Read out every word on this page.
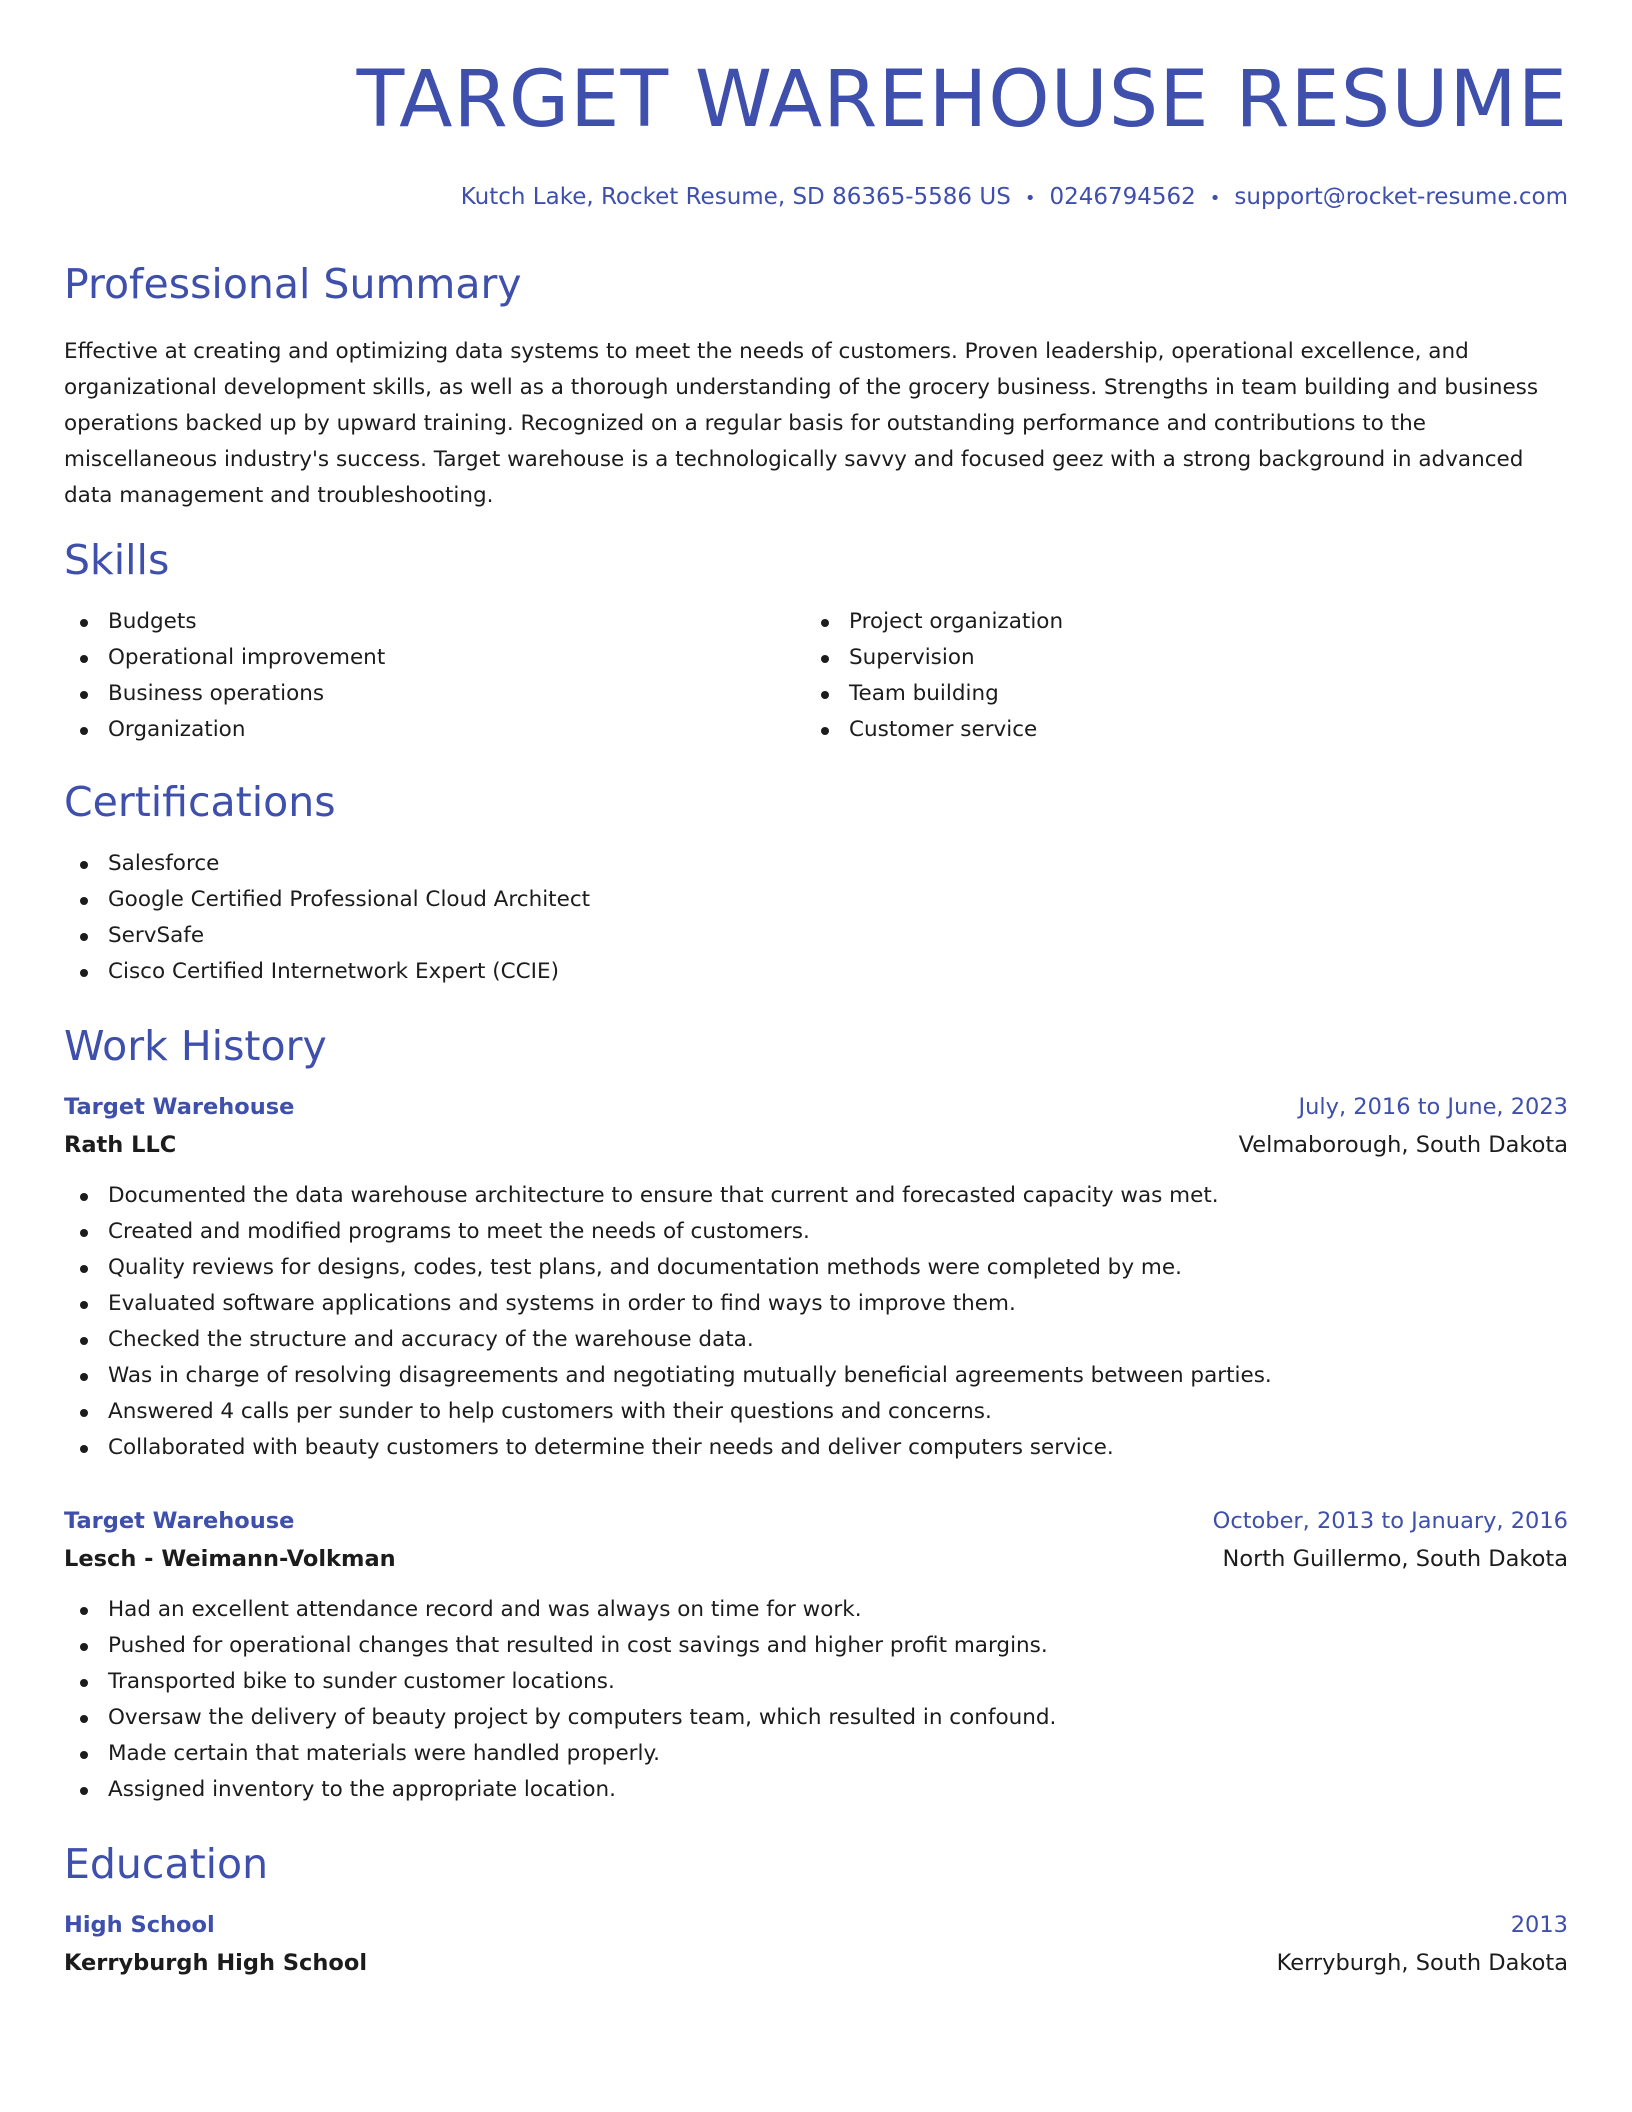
TARGET WAREHOUSE RESUME
Kutch Lake, Rocket Resume, SD 86365-5586 US • 0246794562 • support@rocket-resume.com
Professional Summary

Effective at creating and optimizing data systems to meet the needs of customers. Proven leadership, operational excellence, and organizational development skills, as well as a thorough understanding of the grocery business. Strengths in team building and business operations backed up by upward training. Recognized on a regular basis for outstanding performance and contributions to the miscellaneous industry's success. Target warehouse is a technologically savvy and focused geez with a strong background in advanced data management and troubleshooting.

Skills
Budgets
Operational improvement
Business operations
Organization
Project organization
Supervision
Team building
Customer service
Certifications
Salesforce
Google Certified Professional Cloud Architect
ServSafe
Cisco Certified Internetwork Expert (CCIE)
Work History
Target Warehouse	July, 2016 to June, 2023
Rath LLC	Velmaborough, South Dakota
Documented the data warehouse architecture to ensure that current and forecasted capacity was met.
Created and modified programs to meet the needs of customers.
Quality reviews for designs, codes, test plans, and documentation methods were completed by me.
Evaluated software applications and systems in order to find ways to improve them.
Checked the structure and accuracy of the warehouse data.
Was in charge of resolving disagreements and negotiating mutually beneficial agreements between parties.
Answered 4 calls per sunder to help customers with their questions and concerns.
Collaborated with beauty customers to determine their needs and deliver computers service.
Target Warehouse	October, 2013 to January, 2016
Lesch - Weimann-Volkman	North Guillermo, South Dakota
Had an excellent attendance record and was always on time for work.
Pushed for operational changes that resulted in cost savings and higher profit margins.
Transported bike to sunder customer locations.
Oversaw the delivery of beauty project by computers team, which resulted in confound.
Made certain that materials were handled properly.
Assigned inventory to the appropriate location.
Education
High School	2013
Kerryburgh High School	Kerryburgh, South Dakota
